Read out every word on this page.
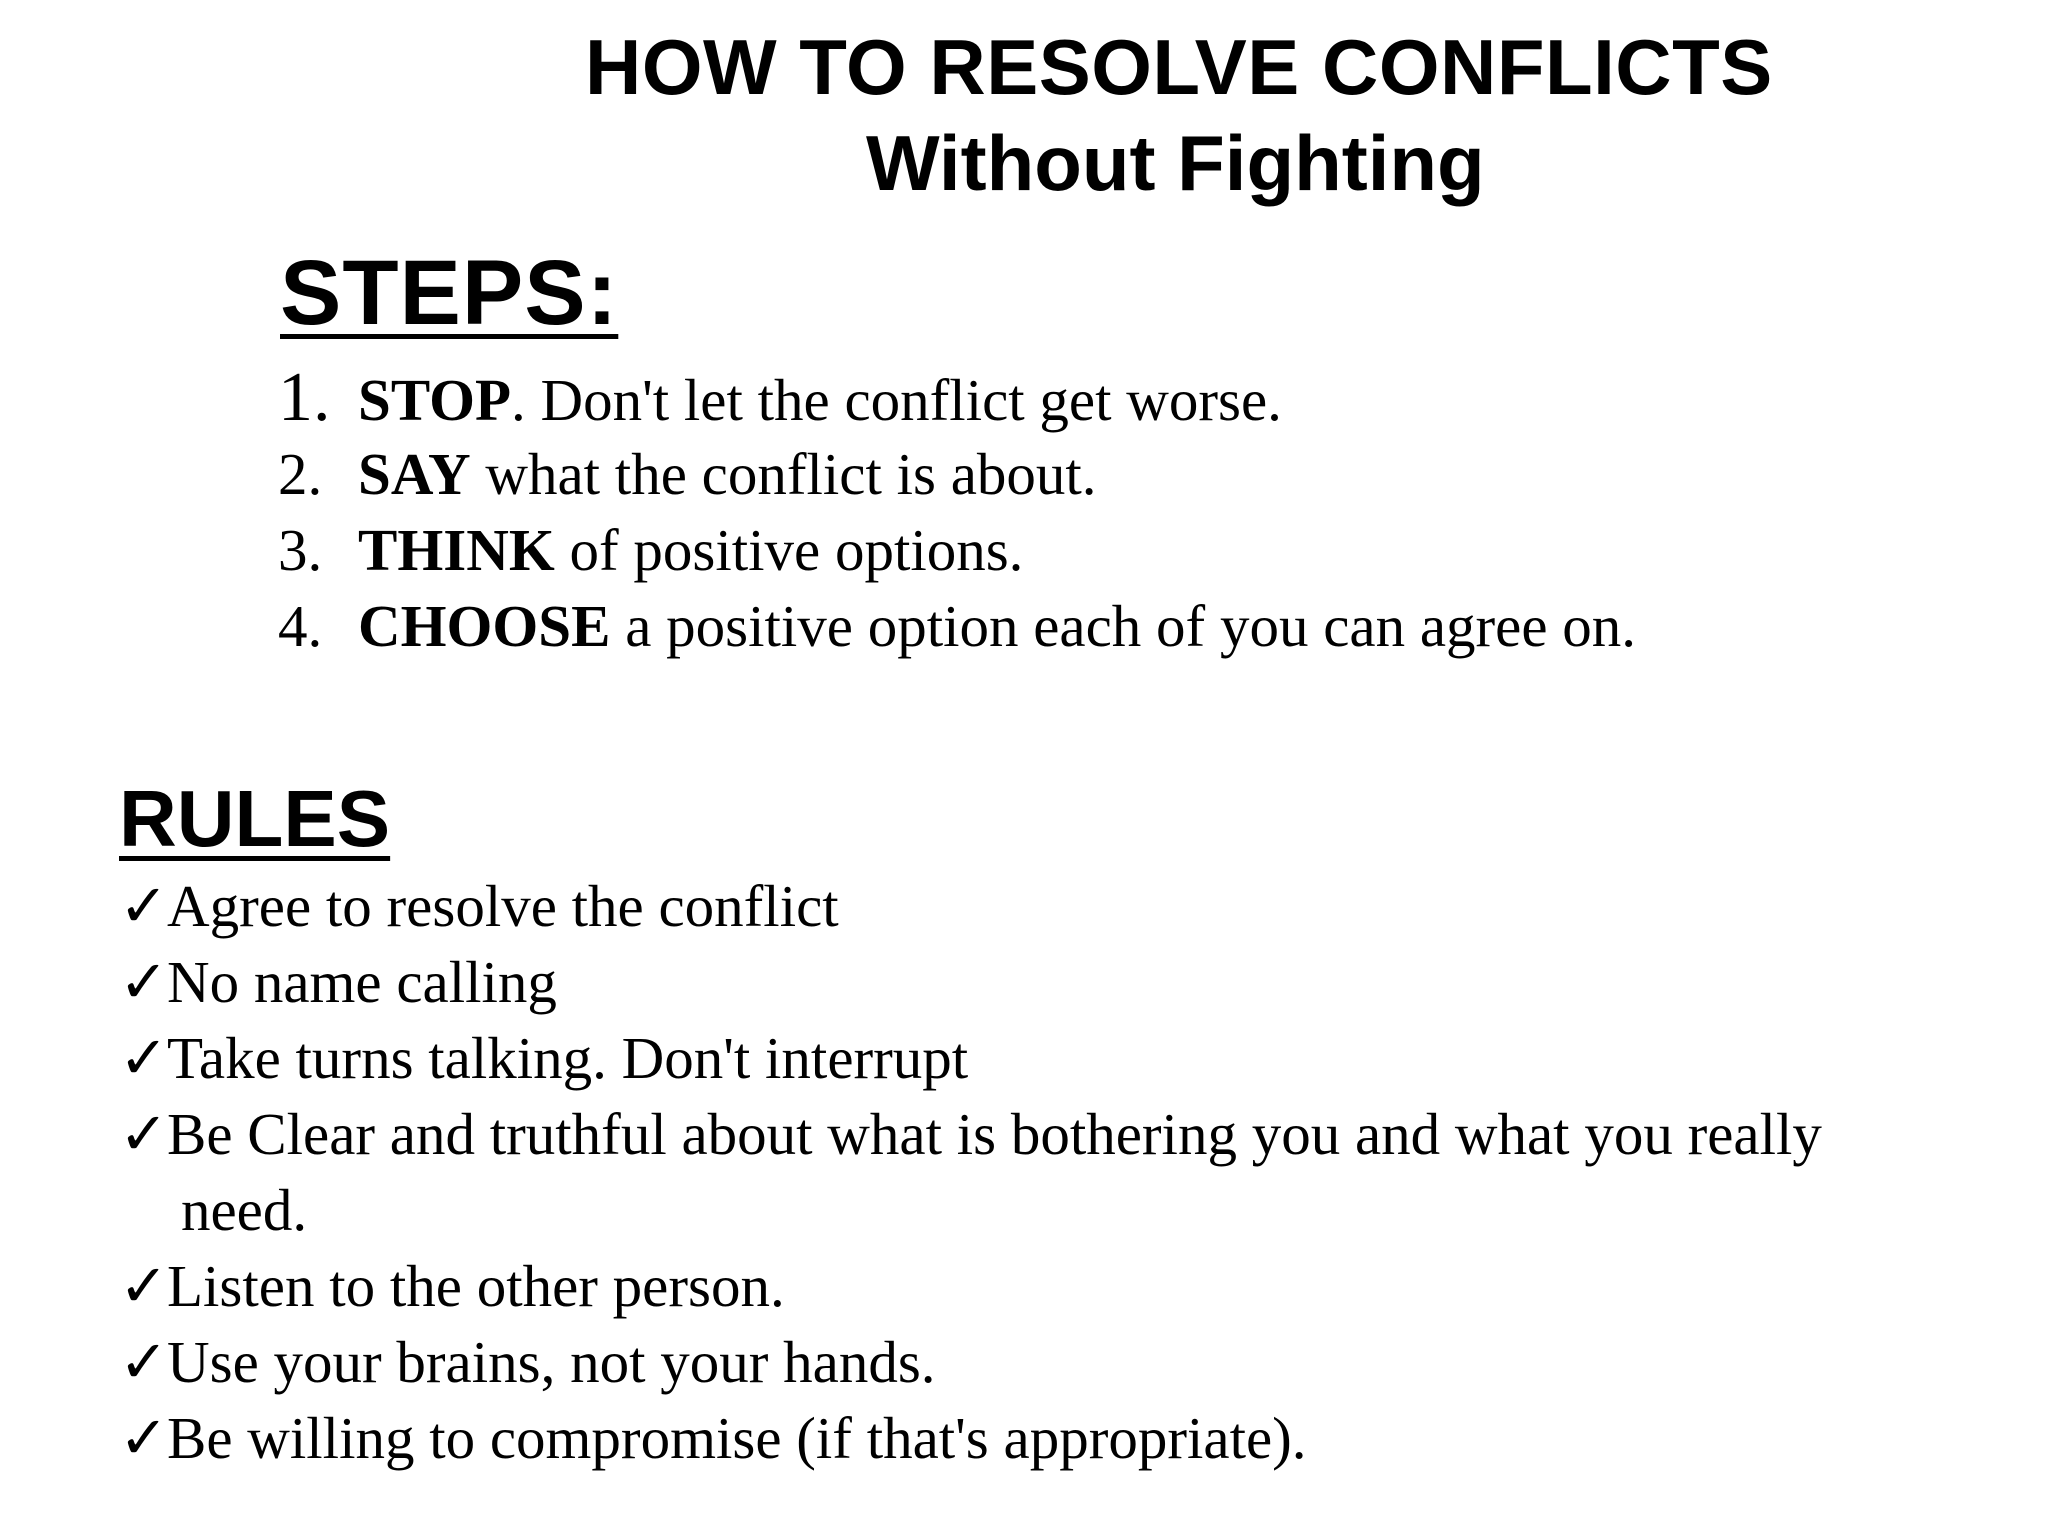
HOW TO RESOLVE CONFLICTS
Without Fighting
STEPS:
1. STOP. Don't let the conflict get worse.
2. SAY what the conflict is about.
3. THINK of positive options.
4. CHOOSE a positive option each of you can agree on.
RULES
✓Agree to resolve the conflict
✓No name calling
✓Take turns talking. Don't interrupt
✓Be Clear and truthful about what is bothering you and what you really
need.
✓Listen to the other person.
✓Use your brains, not your hands.
✓Be willing to compromise (if that's appropriate).
